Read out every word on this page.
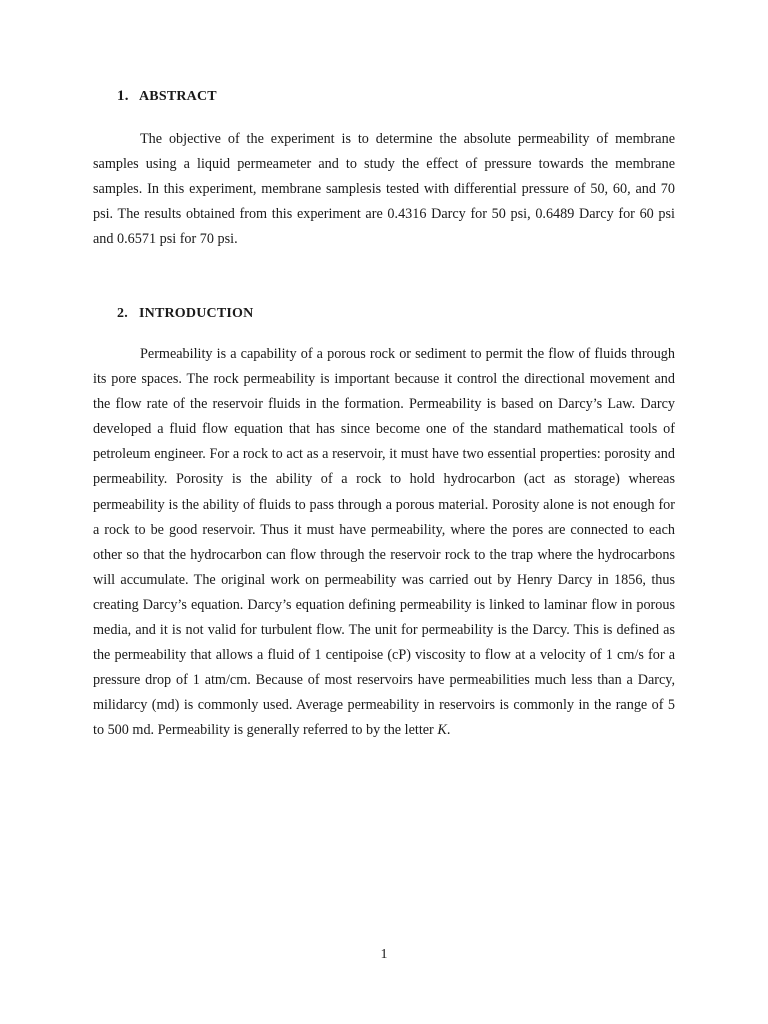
1. ABSTRACT

The objective of the experiment is to determine the absolute permeability of membrane samples using a liquid permeameter and to study the effect of pressure towards the membrane samples. In this experiment, membrane samplesis tested with differential pressure of 50, 60, and 70 psi. The results obtained from this experiment are 0.4316 Darcy for 50 psi, 0.6489 Darcy for 60 psi and 0.6571 psi for 70 psi.

2. INTRODUCTION

Permeability is a capability of a porous rock or sediment to permit the flow of fluids through its pore spaces. The rock permeability is important because it control the directional movement and the flow rate of the reservoir fluids in the formation. Permeability is based on Darcy’s Law. Darcy developed a fluid flow equation that has since become one of the standard mathematical tools of petroleum engineer. For a rock to act as a reservoir, it must have two essential properties: porosity and permeability. Porosity is the ability of a rock to hold hydrocarbon (act as storage) whereas permeability is the ability of fluids to pass through a porous material. Porosity alone is not enough for a rock to be good reservoir. Thus it must have permeability, where the pores are connected to each other so that the hydrocarbon can flow through the reservoir rock to the trap where the hydrocarbons will accumulate. The original work on permeability was carried out by Henry Darcy in 1856, thus creating Darcy’s equation. Darcy’s equation defining permeability is linked to laminar flow in porous media, and it is not valid for turbulent flow. The unit for permeability is the Darcy. This is defined as the permeability that allows a fluid of 1 centipoise (cP) viscosity to flow at a velocity of 1 cm/s for a pressure drop of 1 atm/cm. Because of most reservoirs have permeabilities much less than a Darcy, milidarcy (md) is commonly used. Average permeability in reservoirs is commonly in the range of 5 to 500 md. Permeability is generally referred to by the letter K.

1
